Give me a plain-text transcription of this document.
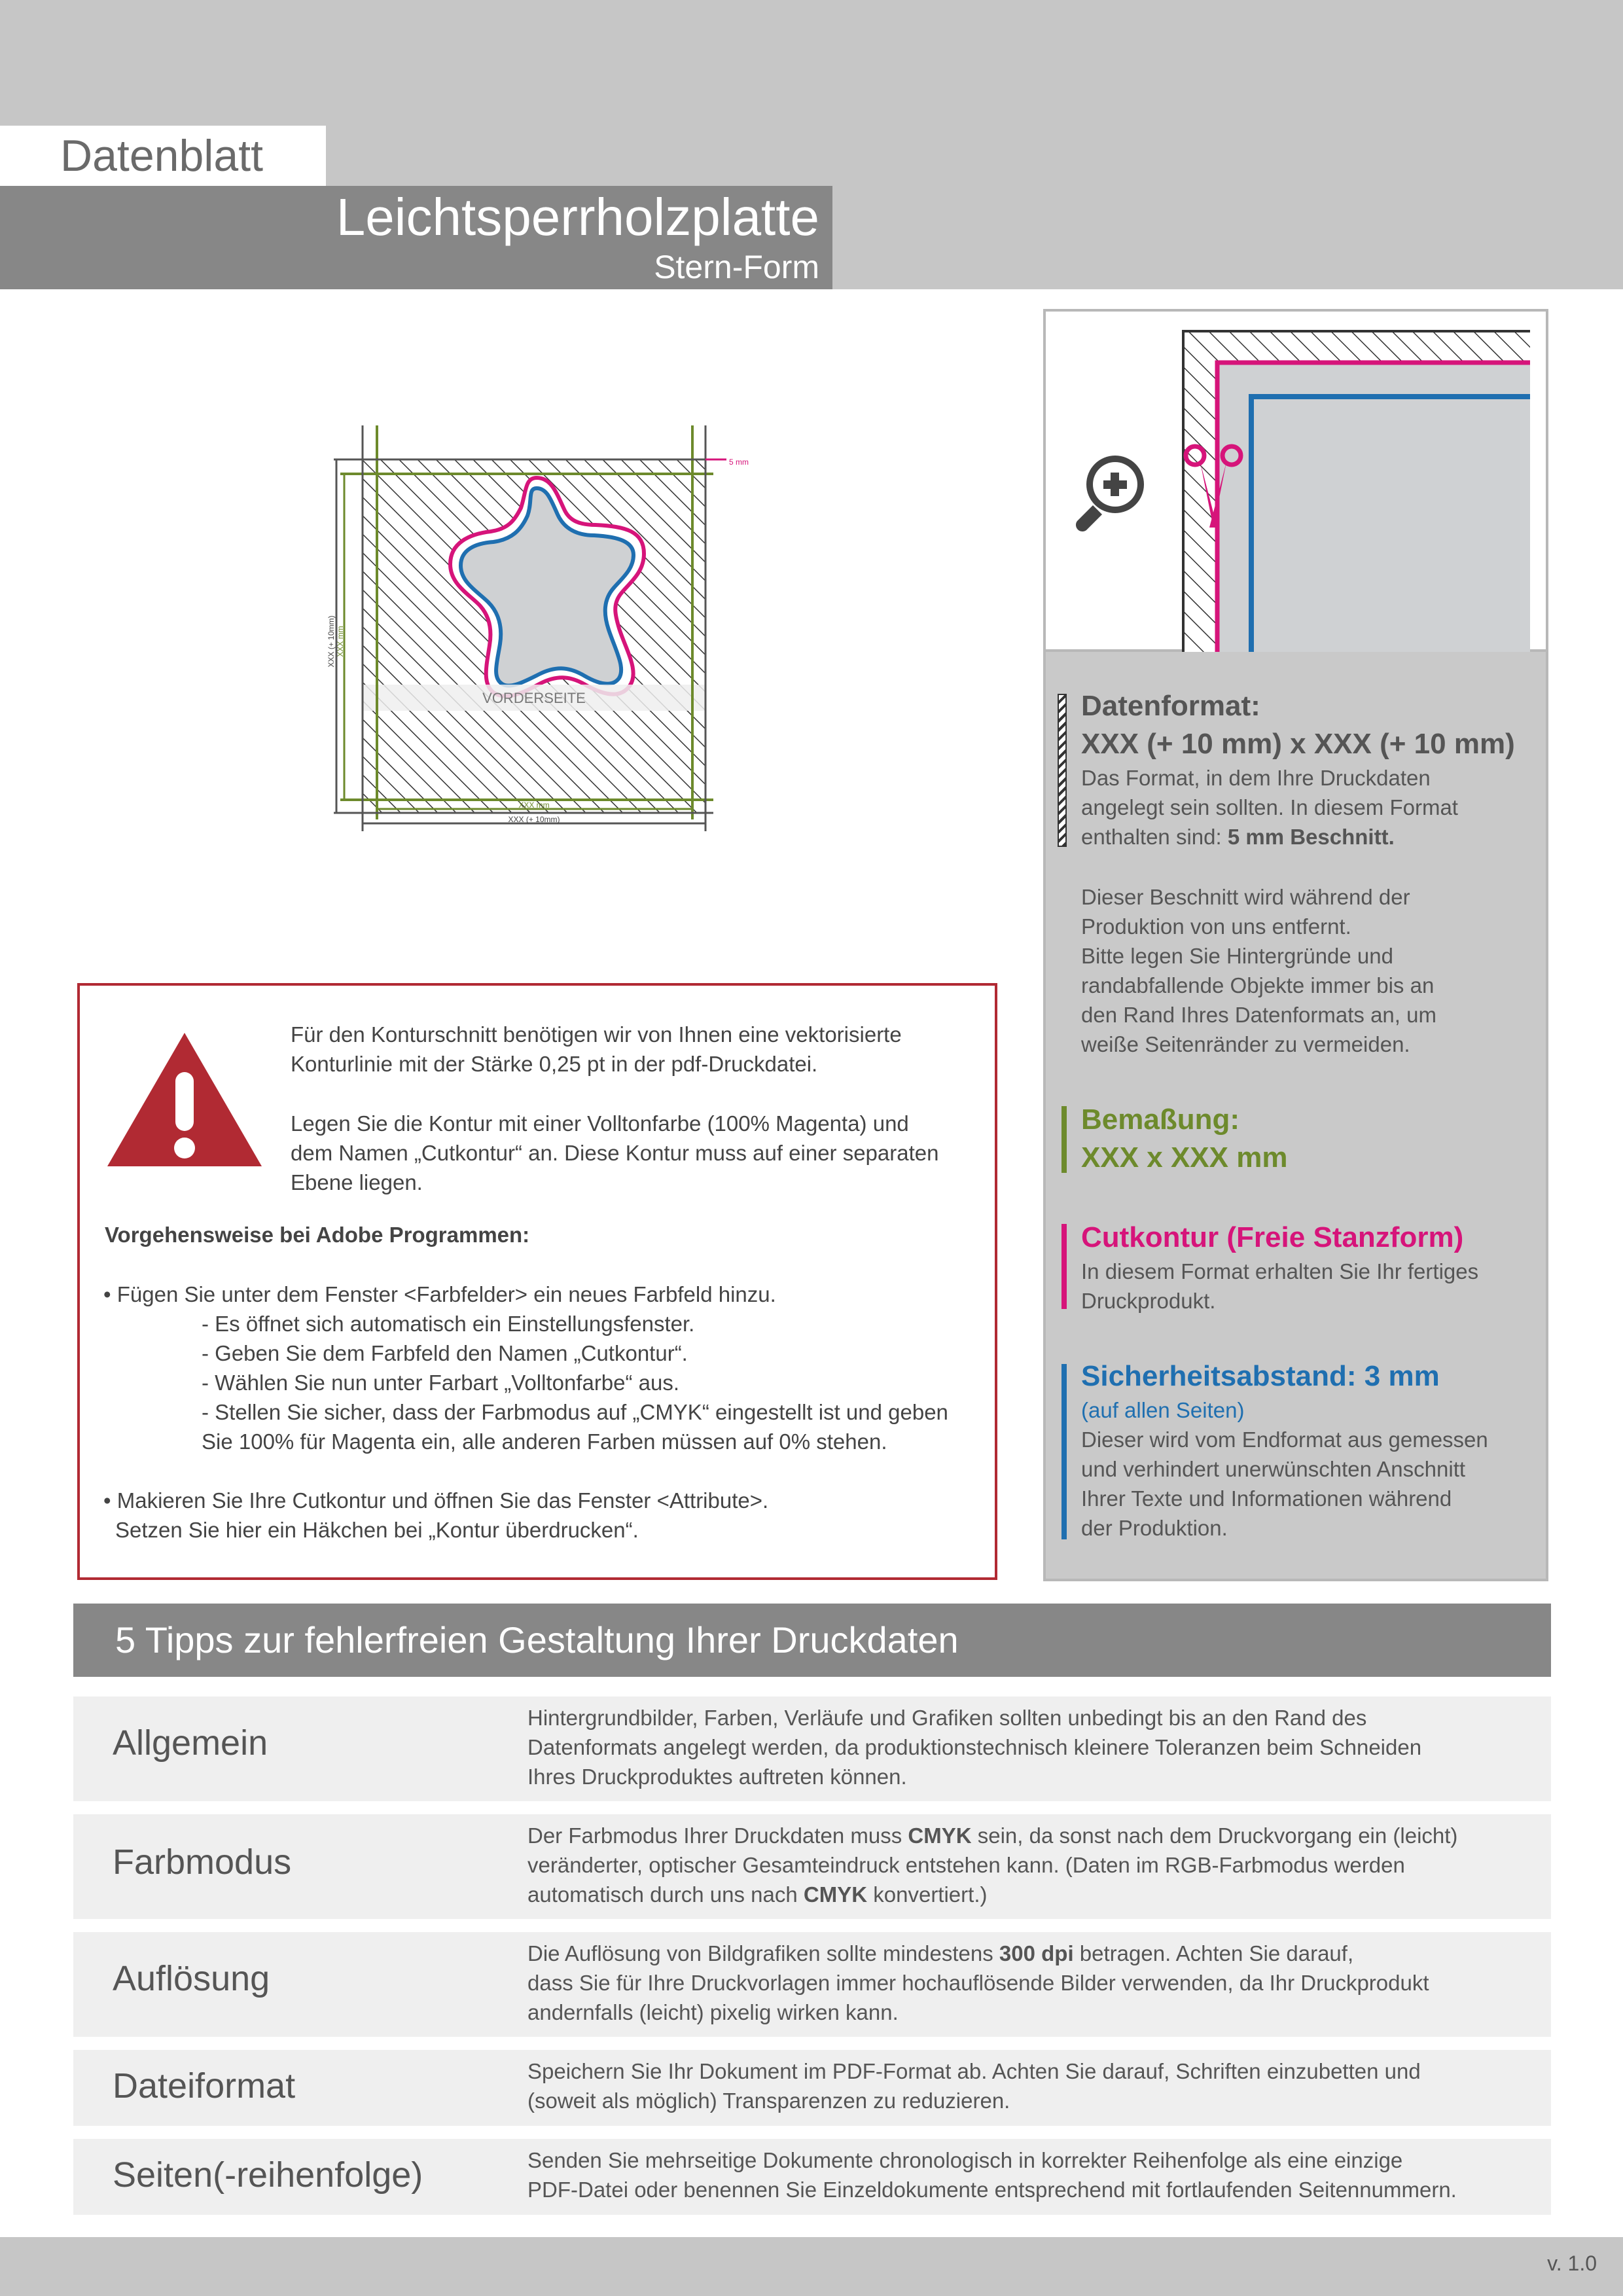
Datenblatt
Leichtsperrholzplatte
Stern-Form
VORDERSEITE
XXX mm
XXX (+ 10mm)
XXX (+ 10mm) XXX mm
5 mm
Datenformat:
XXX (+ 10 mm) x XXX (+ 10 mm)
Das Format, in dem Ihre Druckdaten
angelegt sein sollten. In diesem Format
enthalten sind: 5 mm Beschnitt.
Dieser Beschnitt wird während der
Produktion von uns entfernt.
Bitte legen Sie Hintergründe und
randabfallende Objekte immer bis an
den Rand Ihres Datenformats an, um
weiße Seitenränder zu vermeiden.
Bemaßung:
XXX x XXX mm
Cutkontur (Freie Stanzform)
In diesem Format erhalten Sie Ihr fertiges
Druckprodukt.
Sicherheitsabstand: 3 mm
(auf allen Seiten)
Dieser wird vom Endformat aus gemessen
und verhindert unerwünschten Anschnitt
Ihrer Texte und Informationen während
der Produktion.
Für den Konturschnitt benötigen wir von Ihnen eine vektorisierte
Konturlinie mit der Stärke 0,25 pt in der pdf-Druckdatei.
Legen Sie die Kontur mit einer Volltonfarbe (100% Magenta) und
dem Namen „Cutkontur“ an. Diese Kontur muss auf einer separaten
Ebene liegen.
Vorgehensweise bei Adobe Programmen:
• Fügen Sie unter dem Fenster <Farbfelder> ein neues Farbfeld hinzu.
- Es öffnet sich automatisch ein Einstellungsfenster.
- Geben Sie dem Farbfeld den Namen „Cutkontur“.
- Wählen Sie nun unter Farbart „Volltonfarbe“ aus.
- Stellen Sie sicher, dass der Farbmodus auf „CMYK“ eingestellt ist und geben
Sie 100% für Magenta ein, alle anderen Farben müssen auf 0% stehen.
• Makieren Sie Ihre Cutkontur und öffnen Sie das Fenster <Attribute>.
Setzen Sie hier ein Häkchen bei „Kontur überdrucken“.
5 Tipps zur fehlerfreien Gestaltung Ihrer Druckdaten
Allgemein
Hintergrundbilder, Farben, Verläufe und Grafiken sollten unbedingt bis an den Rand des
Datenformats angelegt werden, da produktionstechnisch kleinere Toleranzen beim Schneiden
Ihres Druckproduktes auftreten können.
Farbmodus
Der Farbmodus Ihrer Druckdaten muss CMYK sein, da sonst nach dem Druckvorgang ein (leicht)
veränderter, optischer Gesamteindruck entstehen kann. (Daten im RGB-Farbmodus werden
automatisch durch uns nach CMYK konvertiert.)
Auflösung
Die Auflösung von Bildgrafiken sollte mindestens 300 dpi betragen. Achten Sie darauf,
dass Sie für Ihre Druckvorlagen immer hochauflösende Bilder verwenden, da Ihr Druckprodukt
andernfalls (leicht) pixelig wirken kann.
Dateiformat	Speichern Sie Ihr Dokument im PDF-Format ab. Achten Sie darauf, Schriften einzubetten und
(soweit als möglich) Transparenzen zu reduzieren.
Seiten(-reihenfolge)	Senden Sie mehrseitige Dokumente chronologisch in korrekter Reihenfolge als eine einzige
PDF-Datei oder benennen Sie Einzeldokumente entsprechend mit fortlaufenden Seitennummern.
v. 1.0
